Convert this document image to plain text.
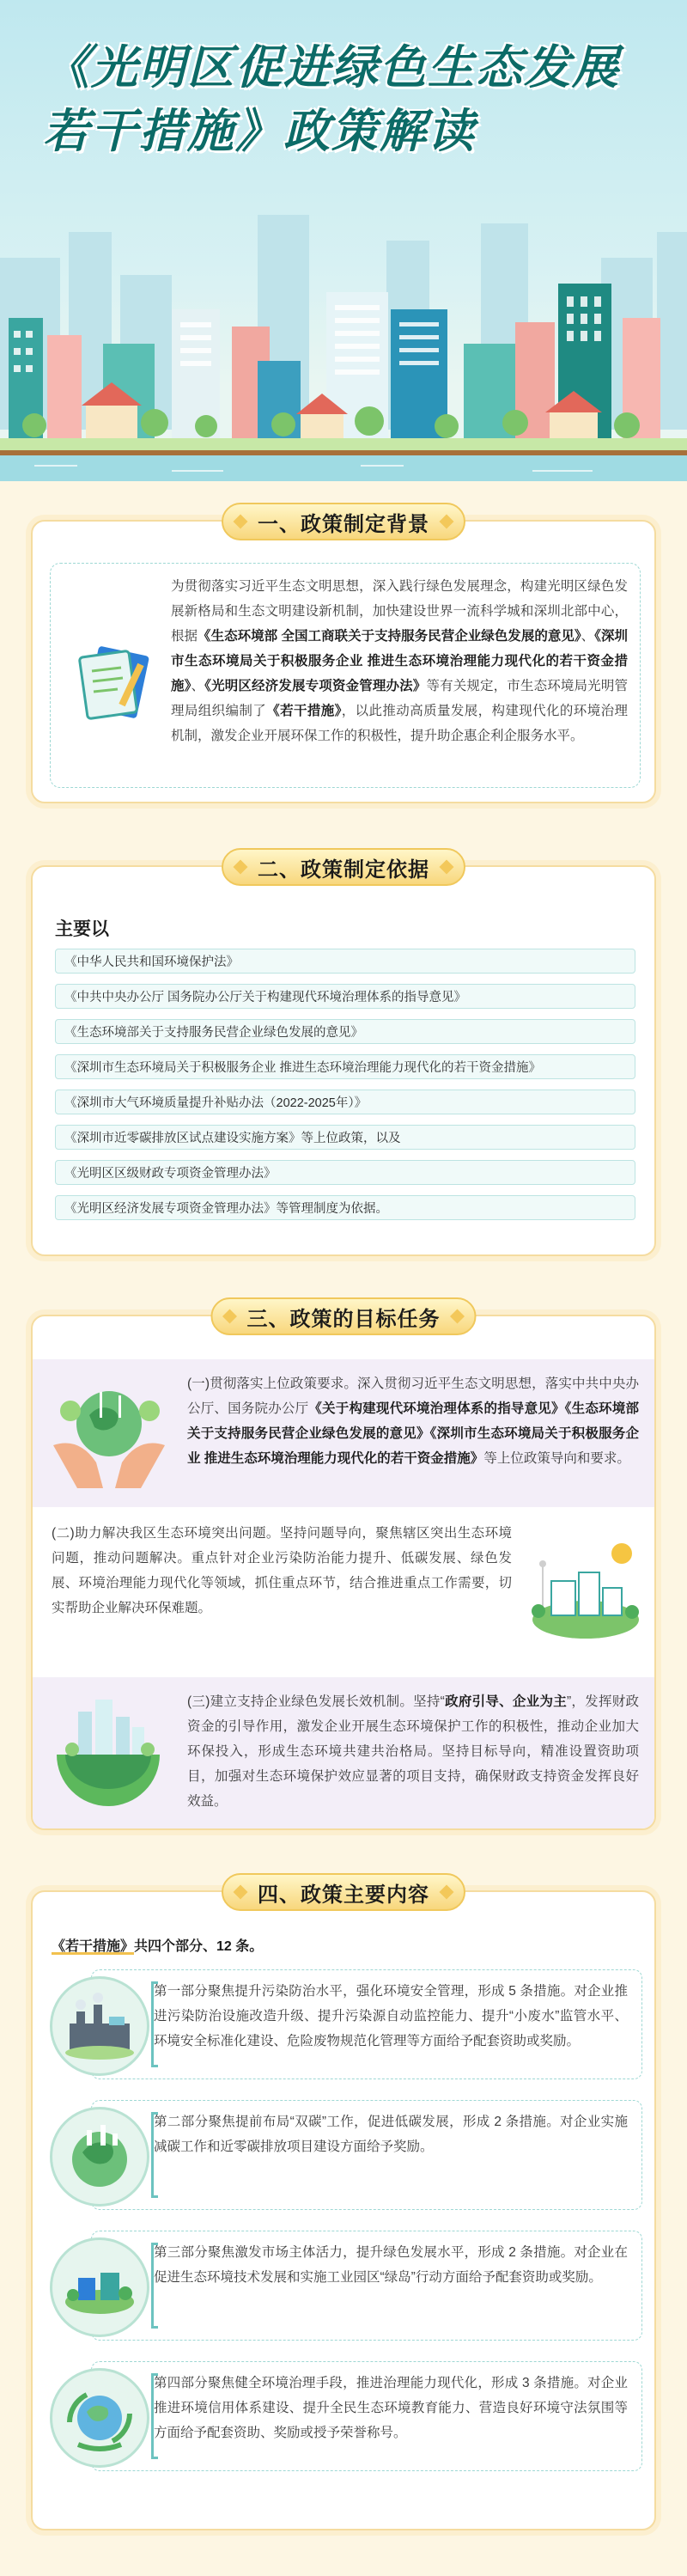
《光明区促进绿色生态发展
若干措施》政策解读
一、政策制定背景

为贯彻落实习近平生态文明思想，深入践行绿色发展理念，构建光明区绿色发展新格局和生态文明建设新机制，加快建设世界一流科学城和深圳北部中心，根据《生态环境部 全国工商联关于支持服务民营企业绿色发展的意见》、《深圳市生态环境局关于积极服务企业 推进生态环境治理能力现代化的若干资金措施》、《光明区经济发展专项资金管理办法》等有关规定，市生态环境局光明管理局组织编制了《若干措施》，以此推动高质量发展，构建现代化的环境治理机制，激发企业开展环保工作的积极性，提升助企惠企利企服务水平。

二、政策制定依据
主要以
《中华人民共和国环境保护法》
《中共中央办公厅 国务院办公厅关于构建现代环境治理体系的指导意见》
《生态环境部关于支持服务民营企业绿色发展的意见》
《深圳市生态环境局关于积极服务企业 推进生态环境治理能力现代化的若干资金措施》
《深圳市大气环境质量提升补贴办法（2022-2025年）》
《深圳市近零碳排放区试点建设实施方案》等上位政策，以及
《光明区区级财政专项资金管理办法》
《光明区经济发展专项资金管理办法》等管理制度为依据。
三、政策的目标任务

(一)贯彻落实上位政策要求。深入贯彻习近平生态文明思想，落实中共中央办公厅、国务院办公厅《关于构建现代环境治理体系的指导意见》《生态环境部关于支持服务民营企业绿色发展的意见》《深圳市生态环境局关于积极服务企业 推进生态环境治理能力现代化的若干资金措施》等上位政策导向和要求。

(二)助力解决我区生态环境突出问题。坚持问题导向，聚焦辖区突出生态环境问题，推动问题解决。重点针对企业污染防治能力提升、低碳发展、绿色发展、环境治理能力现代化等领域，抓住重点环节，结合推进重点工作需要，切实帮助企业解决环保难题。

(三)建立支持企业绿色发展长效机制。坚持“政府引导、企业为主”，发挥财政资金的引导作用，激发企业开展生态环境保护工作的积极性，推动企业加大环保投入，形成生态环境共建共治格局。坚持目标导向，精准设置资助项目，加强对生态环境保护效应显著的项目支持，确保财政支持资金发挥良好效益。

四、政策主要内容
《若干措施》共四个部分、12 条。

第一部分聚焦提升污染防治水平，强化环境安全管理，形成 5 条措施。对企业推进污染防治设施改造升级、提升污染源自动监控能力、提升“小废水”监管水平、环境安全标准化建设、危险废物规范化管理等方面给予配套资助或奖励。

第二部分聚焦提前布局“双碳”工作，促进低碳发展，形成 2 条措施。对企业实施减碳工作和近零碳排放项目建设方面给予奖励。

第三部分聚焦激发市场主体活力，提升绿色发展水平，形成 2 条措施。对企业在促进生态环境技术发展和实施工业园区“绿岛”行动方面给予配套资助或奖励。

第四部分聚焦健全环境治理手段，推进治理能力现代化，形成 3 条措施。对企业推进环境信用体系建设、提升全民生态环境教育能力、营造良好环境守法氛围等方面给予配套资助、奖励或授予荣誉称号。
